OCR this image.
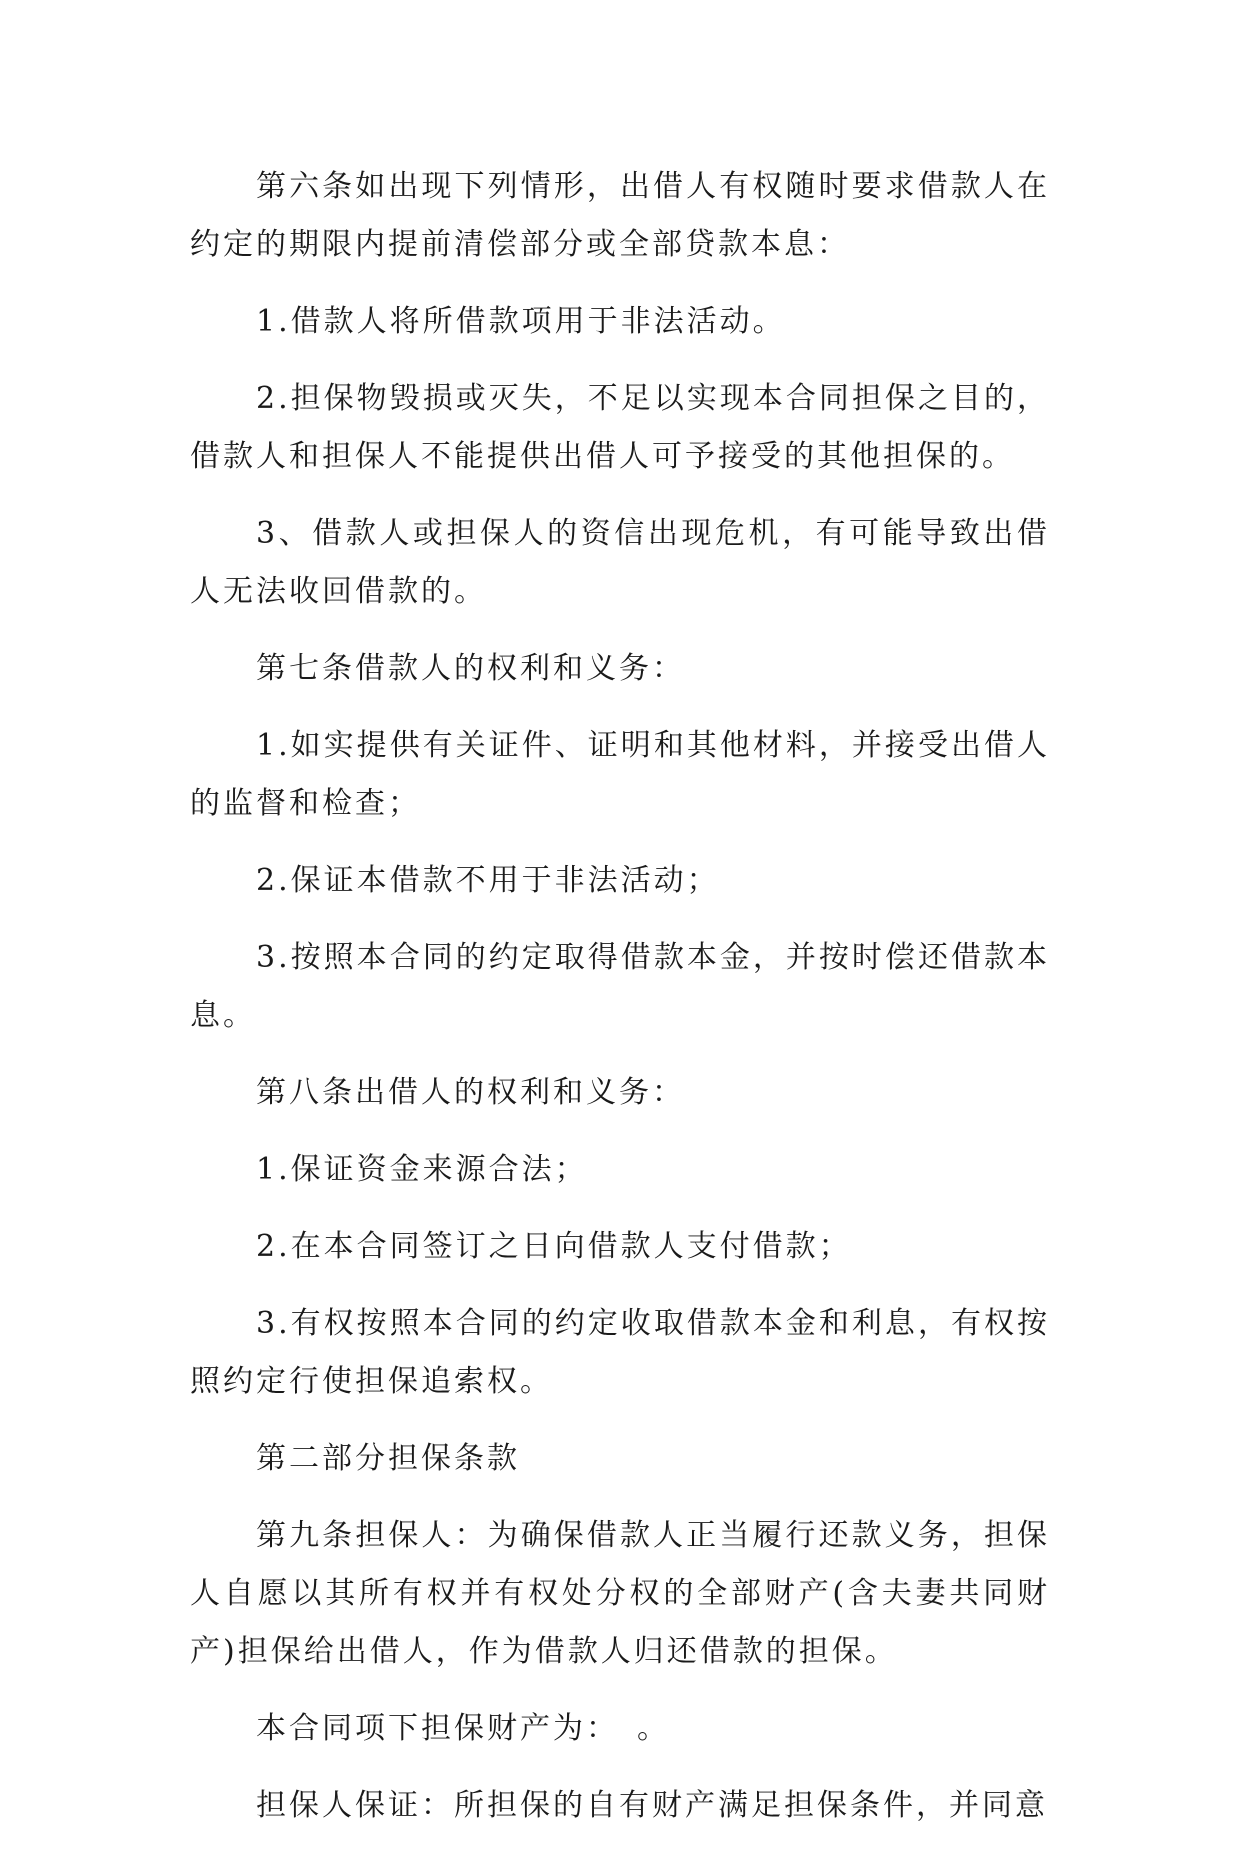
第六条如出现下列情形，出借人有权随时要求借款人在约定的期限内提前清偿部分或全部贷款本息：

1.借款人将所借款项用于非法活动。

2.担保物毁损或灭失，不足以实现本合同担保之目的，借款人和担保人不能提供出借人可予接受的其他担保的。

3、借款人或担保人的资信出现危机，有可能导致出借人无法收回借款的。

第七条借款人的权利和义务：

1.如实提供有关证件、证明和其他材料，并接受出借人的监督和检查；

2.保证本借款不用于非法活动；

3.按照本合同的约定取得借款本金，并按时偿还借款本息。

第八条出借人的权利和义务：

1.保证资金来源合法；

2.在本合同签订之日向借款人支付借款；

3.有权按照本合同的约定收取借款本金和利息，有权按照约定行使担保追索权。

第二部分担保条款

第九条担保人：为确保借款人正当履行还款义务，担保人自愿以其所有权并有权处分权的全部财产(含夫妻共同财产)担保给出借人，作为借款人归还借款的担保。

本合同项下担保财产为：　。

担保人保证：所担保的自有财产满足担保条件，并同意
